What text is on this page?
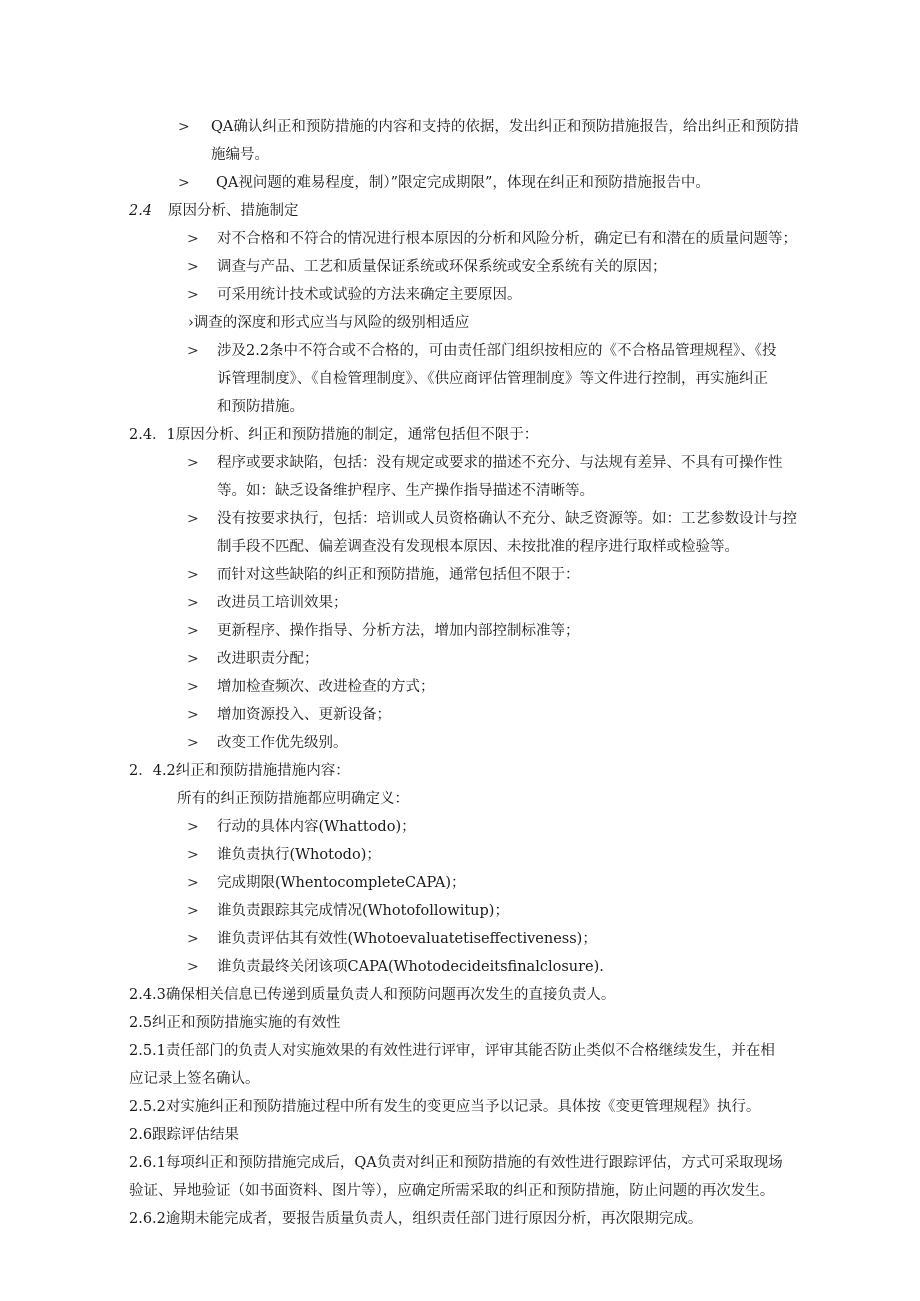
> QA确认纠正和预防措施的内容和支持的依据，发出纠正和预防措施报告，给出纠正和预防措
施编号。
> QA视问题的难易程度，制）”限定完成期限”，体现在纠正和预防措施报告中。
2.4 原因分析、措施制定
> 对不合格和不符合的情况进行根本原因的分析和风险分析，确定已有和潜在的质量问题等；
> 调查与产品、工艺和质量保证系统或环保系统或安全系统有关的原因；
> 可采用统计技术或试验的方法来确定主要原因。
›调查的深度和形式应当与风险的级别相适应
> 涉及2.2条中不符合或不合格的，可由责任部门组织按相应的《不合格品管理规程》、《投
诉管理制度》、《自检管理制度》、《供应商评估管理制度》等文件进行控制，再实施纠正
和预防措施。
2.4．1原因分析、纠正和预防措施的制定，通常包括但不限于：
> 程序或要求缺陷，包括：没有规定或要求的描述不充分、与法规有差异、不具有可操作性
等。如：缺乏设备维护程序、生产操作指导描述不清晰等。
> 没有按要求执行，包括：培训或人员资格确认不充分、缺乏资源等。如：工艺参数设计与控
制手段不匹配、偏差调查没有发现根本原因、未按批准的程序进行取样或检验等。
> 而针对这些缺陷的纠正和预防措施，通常包括但不限于：
> 改进员工培训效果；
> 更新程序、操作指导、分析方法，增加内部控制标准等；
> 改进职责分配；
> 增加检查频次、改进检查的方式；
> 增加资源投入、更新设备；
> 改变工作优先级别。
2．4.2纠正和预防措施措施内容：
所有的纠正预防措施都应明确定义：
> 行动的具体内容(Whattodo)；
> 谁负责执行(Whotodo)；
> 完成期限(WhentocompleteCAPA)；
> 谁负责跟踪其完成情况(Whotofollowitup)；
> 谁负责评估其有效性(Whotoevaluatetiseffectiveness)；
> 谁负责最终关闭该项CAPA(Whotodecideitsfinalclosure).
2.4.3确保相关信息已传递到质量负责人和预防问题再次发生的直接负责人。
2.5纠正和预防措施实施的有效性
2.5.1责任部门的负责人对实施效果的有效性进行评审，评审其能否防止类似不合格继续发生，并在相
应记录上签名确认。
2.5.2对实施纠正和预防措施过程中所有发生的变更应当予以记录。具体按《变更管理规程》执行。
2.6跟踪评估结果
2.6.1每项纠正和预防措施完成后，QA负责对纠正和预防措施的有效性进行跟踪评估，方式可采取现场
验证、异地验证（如书面资料、图片等），应确定所需采取的纠正和预防措施，防止问题的再次发生。
2.6.2逾期未能完成者，要报告质量负责人，组织责任部门进行原因分析，再次限期完成。
